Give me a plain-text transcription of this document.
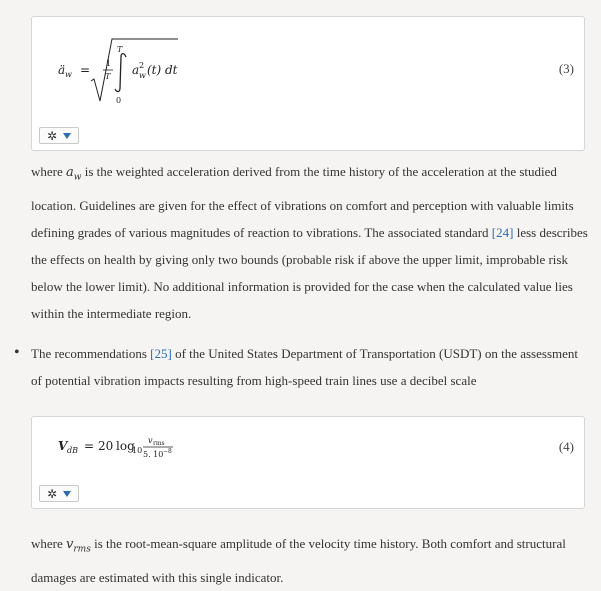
ä w = 1
T
T
0
a 2
w (t) dt	(3)
✲

where $a_w$ is the weighted acceleration derived from the time history of the acceleration at the studied location. Guidelines are given for the effect of vibrations on comfort and perception with valuable limits defining grades of various magnitudes of reaction to vibrations. The associated standard [24] less describes the effects on health by giving only two bounds (probable risk if above the upper limit, improbable risk below the lower limit). No additional information is provided for the case when the calculated value lies within the intermediate region.

• The recommendations [25] of the United States Department of Transportation (USDT) on the assessment of potential vibration impacts resulting from high-speed train lines use a decibel scale

V dB = 20 log
10
v rms
5. 10 −8	(4)
✲

where $v_{rms}$ is the root-mean-square amplitude of the velocity time history. Both comfort and structural damages are estimated with this single indicator.
